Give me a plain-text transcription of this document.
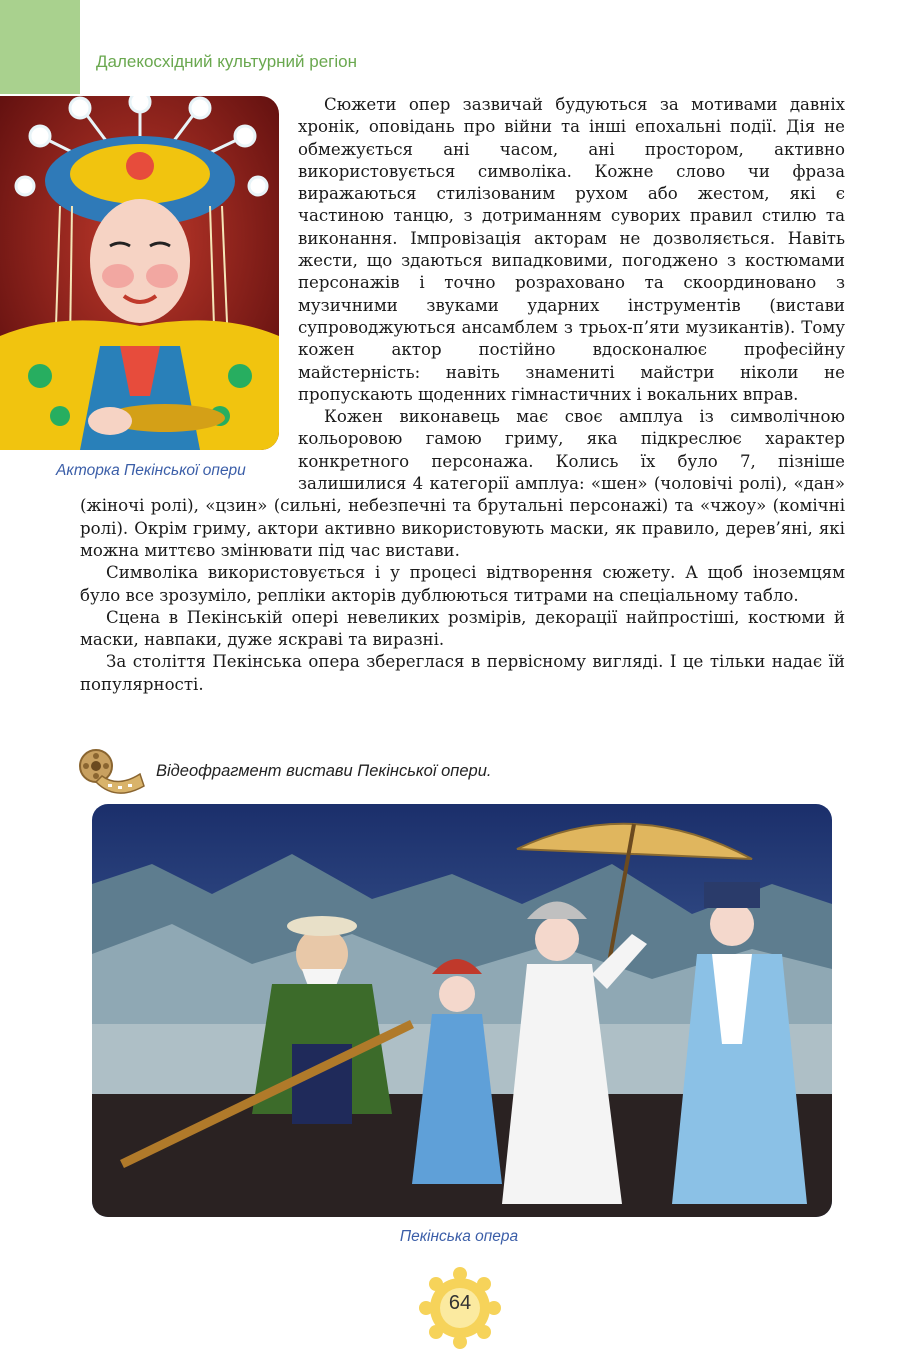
Далекосхідний культурний регіон
Акторка Пекінської опери

Сюжети опер зазвичай будуються за мотивами давніх хронік, оповідань про війни та інші епохальні події. Дія не обмежується ані часом, ані простором, активно використовується символіка. Кожне слово чи фраза виражаються стилізованим рухом або жестом, які є частиною танцю, з дотриманням суворих правил стилю та виконання. Імпровізація акторам не дозволяється. Навіть жести, що здаються випадковими, погоджено з костюмами персонажів і точно розраховано та скоординовано з музичними звуками ударних інструментів (вистави супроводжуються ансамблем з трьох-п’яти музикантів). Тому кожен актор постійно вдосконалює професійну майстерність: навіть знамениті майстри ніколи не пропускають щоденних гімнастичних і вокальних вправ.

Кожен виконавець має своє амплуа із символічною кольоровою гамою гриму, яка підкреслює характер конкретного персонажа. Колись їх було 7, пізніше залишилися 4 категорії амплуа: «шен» (чоловічі ролі), «дан» (жіночі ролі), «цзин» (сильні, небезпечні та брутальні персонажі) та «чжоу» (комічні ролі). Окрім гриму, актори активно використовують маски, як правило, дерев’яні, які можна миттєво змінювати під час вистави.

Символіка використовується і у процесі відтворення сюжету. А щоб іноземцям було все зрозуміло, репліки акторів дублюються титрами на спеціальному табло.

Сцена в Пекінській опері невеликих розмірів, декорації найпростіші, костюми й маски, навпаки, дуже яскраві та виразні.

За століття Пекінська опера збереглася в первісному вигляді. І це тільки надає їй популярності.

Відеофрагмент вистави Пекінської опери.
Пекінська опера
64
